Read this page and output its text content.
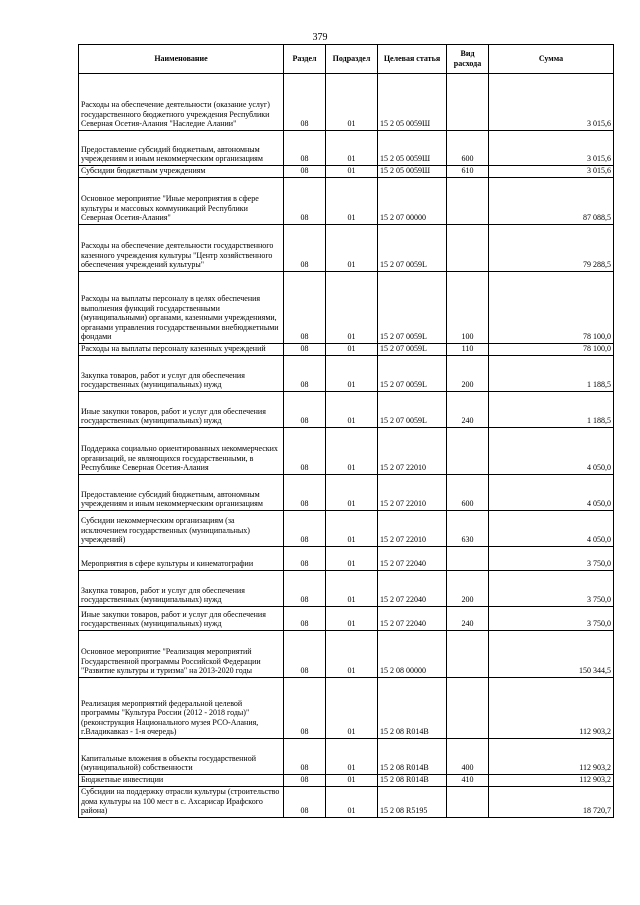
379
Наименование	Раздел	Подраздел	Целевая статья	Вид расхода	Сумма
Расходы на обеспечение деятельности (оказание услуг) государственного бюджетного учреждения Республики Северная Осетия-Алания "Наследие Алании"	08	01	15 2 05 0059Ш		3 015,6
Предоставление субсидий бюджетным, автономным учреждениям и иным некоммерческим организациям	08	01	15 2 05 0059Ш	600	3 015,6
Субсидии бюджетным учреждениям	08	01	15 2 05 0059Ш	610	3 015,6
Основное мероприятие "Иные мероприятия в сфере культуры и массовых коммуникаций Республики Северная Осетия-Алания"	08	01	15 2 07 00000		87 088,5
Расходы на обеспечение деятельности государственного казенного учреждения культуры "Центр хозяйственного обеспечения учреждений культуры"	08	01	15 2 07 0059L		79 288,5
Расходы на выплаты персоналу в целях обеспечения выполнения функций государственными (муниципальными) органами, казенными учреждениями, органами управления государственными внебюджетными фондами	08	01	15 2 07 0059L	100	78 100,0
Расходы на выплаты персоналу казенных учреждений	08	01	15 2 07 0059L	110	78 100,0
Закупка товаров, работ и услуг для обеспечения государственных (муниципальных) нужд	08	01	15 2 07 0059L	200	1 188,5
Иные закупки товаров, работ и услуг для обеспечения государственных (муниципальных) нужд	08	01	15 2 07 0059L	240	1 188,5
Поддержка социально ориентированных некоммерческих организаций, не являющихся государственными, в Республике Северная Осетия-Алания	08	01	15 2 07 22010		4 050,0
Предоставление субсидий бюджетным, автономным учреждениям и иным некоммерческим организациям	08	01	15 2 07 22010	600	4 050,0
Субсидии некоммерческим организациям (за исключением государственных (муниципальных) учреждений)	08	01	15 2 07 22010	630	4 050,0
Мероприятия в сфере культуры и кинематографии	08	01	15 2 07 22040		3 750,0
Закупка товаров, работ и услуг для обеспечения государственных (муниципальных) нужд	08	01	15 2 07 22040	200	3 750,0
Иные закупки товаров, работ и услуг для обеспечения государственных (муниципальных) нужд	08	01	15 2 07 22040	240	3 750,0
Основное мероприятие "Реализация мероприятий Государственной программы Российской Федерации "Развитие культуры и туризма" на 2013-2020 годы	08	01	15 2 08 00000		150 344,5
Реализация мероприятий федеральной целевой программы "Культура России (2012 - 2018 годы)" (реконструкция Национального музея РСО-Алания, г.Владикавказ - 1-я очередь)	08	01	15 2 08 R014В		112 903,2
Капитальные вложения в объекты государственной (муниципальной) собственности	08	01	15 2 08 R014В	400	112 903,2
Бюджетные инвестиции	08	01	15 2 08 R014В	410	112 903,2
Субсидии на поддержку отрасли культуры (строительство дома культуры на 100 мест в с. Ахсарисар Ирафского района)	08	01	15 2 08 R5195		18 720,7
